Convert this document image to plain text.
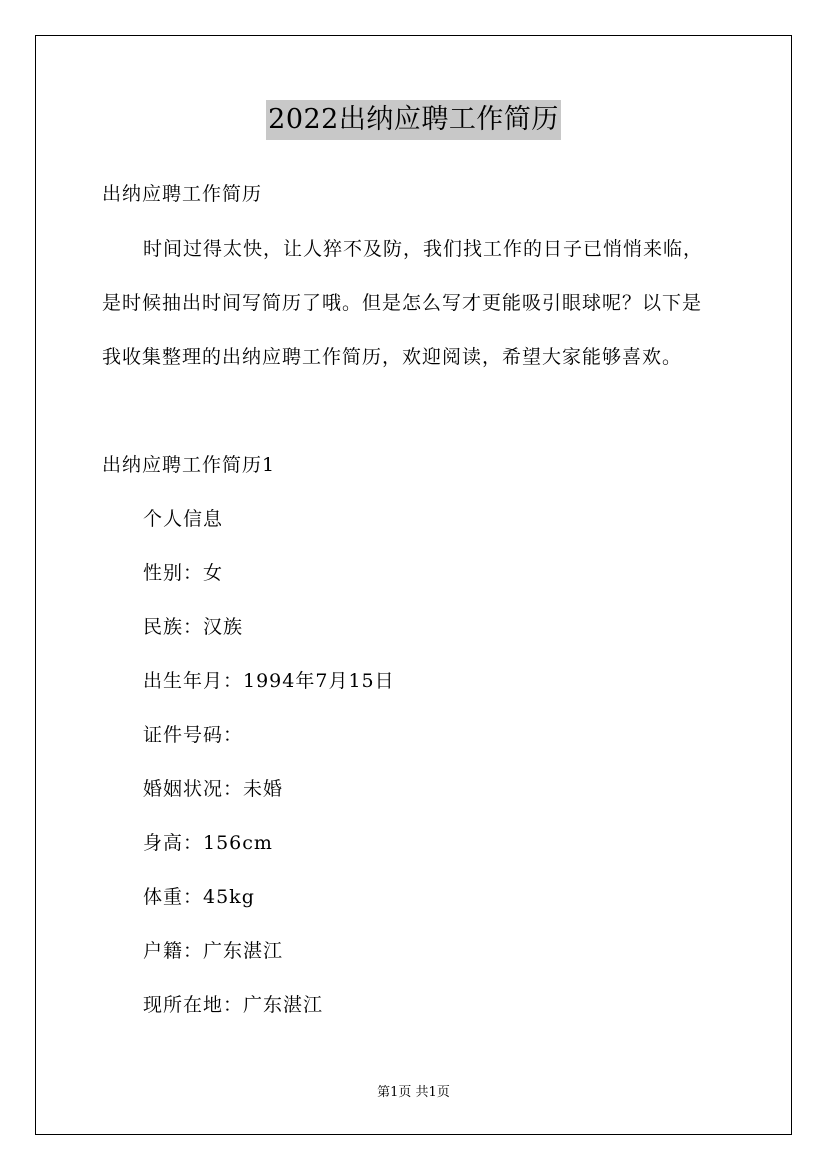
2022出纳应聘工作简历
出纳应聘工作简历
时间过得太快，让人猝不及防，我们找工作的日子已悄悄来临，
是时候抽出时间写简历了哦。但是怎么写才更能吸引眼球呢？以下是
我收集整理的出纳应聘工作简历，欢迎阅读，希望大家能够喜欢。
出纳应聘工作简历1
个人信息
性别：女
民族：汉族
出生年月：1994年7月15日
证件号码：
婚姻状况：未婚
身高：156cm
体重：45kg
户籍：广东湛江
现所在地：广东湛江
第1页 共1页
